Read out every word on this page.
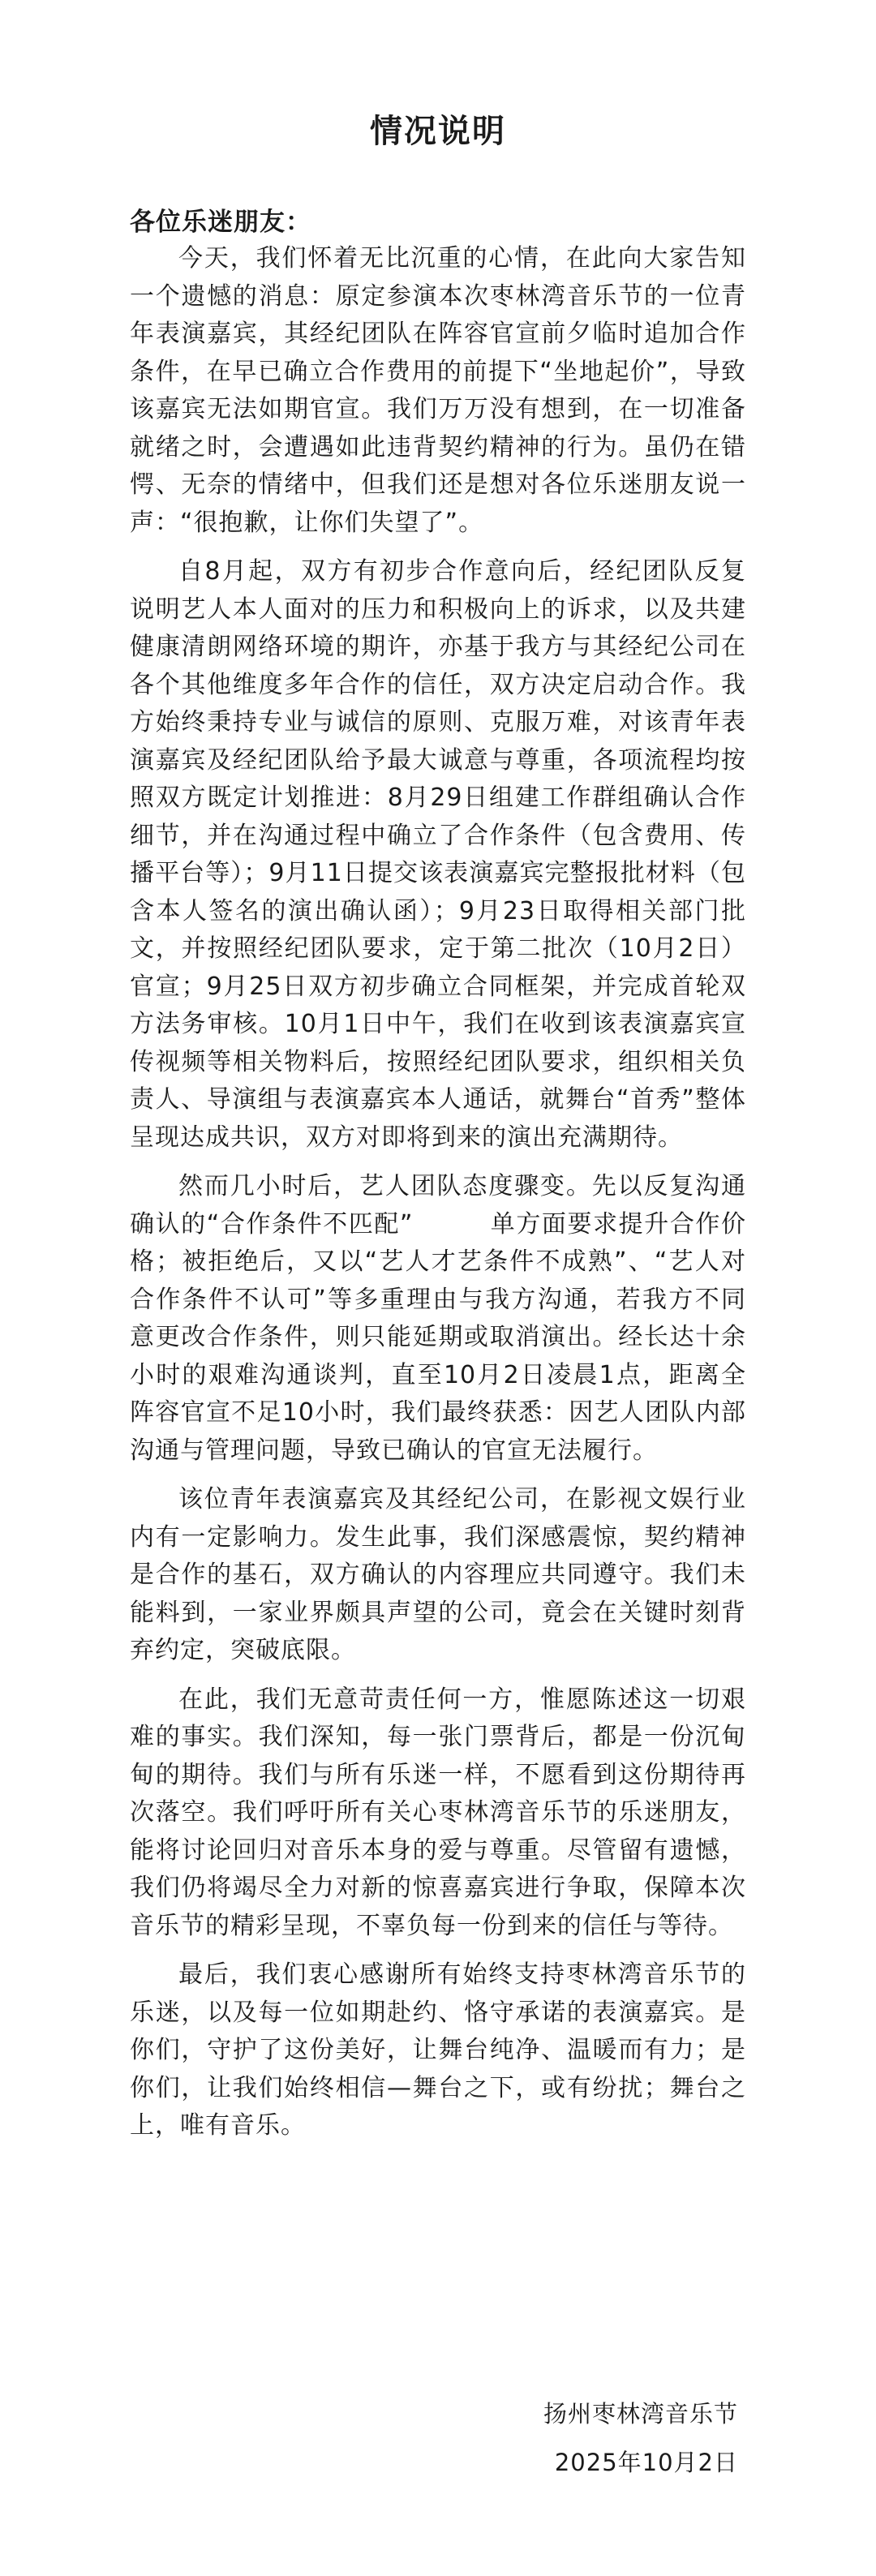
情况说明
各位乐迷朋友：

今天，我们怀着无比沉重的心情，在此向大家告知一个遗憾的消息：原定参演本次枣林湾音乐节的一位青年表演嘉宾，其经纪团队在阵容官宣前夕临时追加合作条件，在早已确立合作费用的前提下“坐地起价”，导致该嘉宾无法如期官宣。我们万万没有想到，在一切准备就绪之时，会遭遇如此违背契约精神的行为。虽仍在错愕、无奈的情绪中，但我们还是想对各位乐迷朋友说一声：“很抱歉，让你们失望了”。

自8月起，双方有初步合作意向后，经纪团队反复说明艺人本人面对的压力和积极向上的诉求，以及共建健康清朗网络环境的期许，亦基于我方与其经纪公司在各个其他维度多年合作的信任，双方决定启动合作。我方始终秉持专业与诚信的原则、克服万难，对该青年表演嘉宾及经纪团队给予最大诚意与尊重，各项流程均按照双方既定计划推进：8月29日组建工作群组确认合作细节，并在沟通过程中确立了合作条件（包含费用、传播平台等）；9月11日提交该表演嘉宾完整报批材料（包含本人签名的演出确认函）；9月23日取得相关部门批文，并按照经纪团队要求，定于第二批次（10月2日）官宣；9月25日双方初步确立合同框架，并完成首轮双方法务审核。10月1日中午，我们在收到该表演嘉宾宣传视频等相关物料后，按照经纪团队要求，组织相关负责人、导演组与表演嘉宾本人通话，就舞台“首秀”整体呈现达成共识，双方对即将到来的演出充满期待。

然而几小时后，艺人团队态度骤变。先以反复沟通确认的“合作条件不匹配”　　　单方面要求提升合作价格；被拒绝后，又以“艺人才艺条件不成熟”、“艺人对合作条件不认可”等多重理由与我方沟通，若我方不同意更改合作条件，则只能延期或取消演出。经长达十余小时的艰难沟通谈判，直至10月2日凌晨1点，距离全阵容官宣不足10小时，我们最终获悉：因艺人团队内部沟通与管理问题，导致已确认的官宣无法履行。

该位青年表演嘉宾及其经纪公司，在影视文娱行业内有一定影响力。发生此事，我们深感震惊，契约精神是合作的基石，双方确认的内容理应共同遵守。我们未能料到，一家业界颇具声望的公司，竟会在关键时刻背弃约定，突破底限。

在此，我们无意苛责任何一方，惟愿陈述这一切艰难的事实。我们深知，每一张门票背后，都是一份沉甸甸的期待。我们与所有乐迷一样，不愿看到这份期待再次落空。我们呼吁所有关心枣林湾音乐节的乐迷朋友，能将讨论回归对音乐本身的爱与尊重。尽管留有遗憾，我们仍将竭尽全力对新的惊喜嘉宾进行争取，保障本次音乐节的精彩呈现，不辜负每一份到来的信任与等待。

最后，我们衷心感谢所有始终支持枣林湾音乐节的乐迷，以及每一位如期赴约、恪守承诺的表演嘉宾。是你们，守护了这份美好，让舞台纯净、温暖而有力；是你们，让我们始终相信—舞台之下，或有纷扰；舞台之上，唯有音乐。

扬州枣林湾音乐节
2025年10月2日
